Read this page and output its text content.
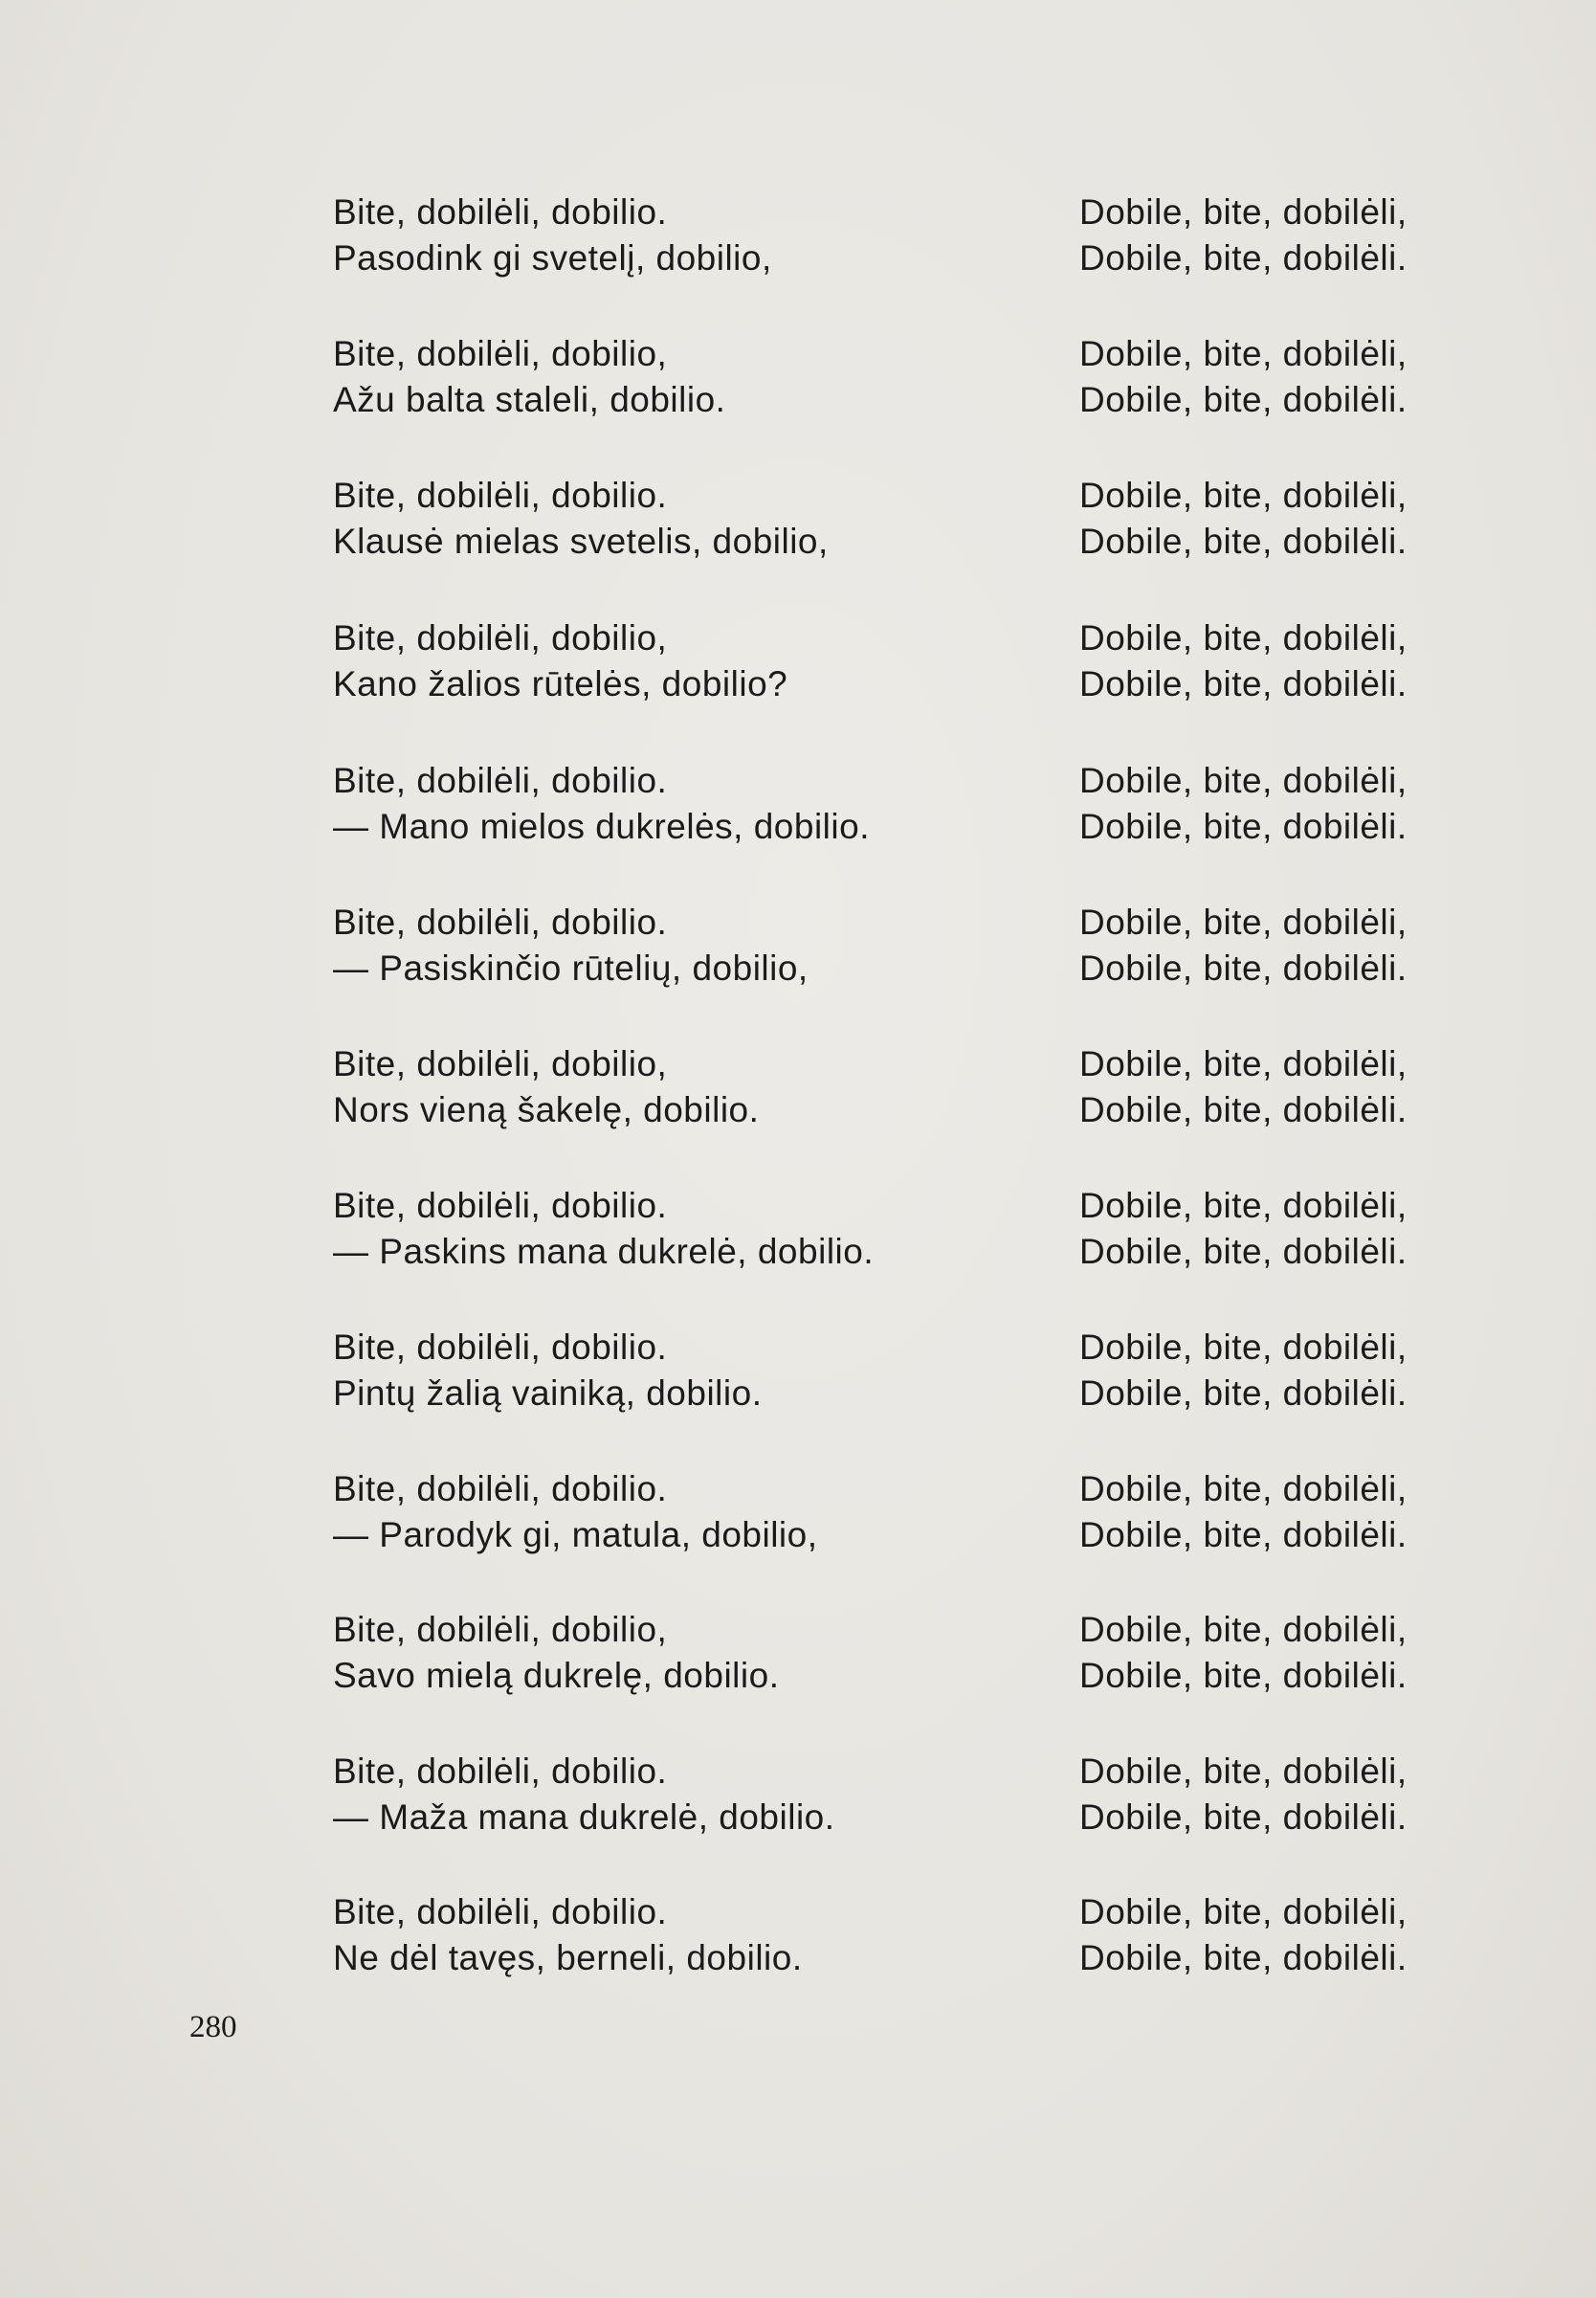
Bite, dobilėli, dobilio.
Pasodink gi svetelį, dobilio,
Dobile, bite, dobilėli,
Dobile, bite, dobilėli.
Bite, dobilėli, dobilio,
Ažu balta staleli, dobilio.
Dobile, bite, dobilėli,
Dobile, bite, dobilėli.
Bite, dobilėli, dobilio.
Klausė mielas svetelis, dobilio,
Dobile, bite, dobilėli,
Dobile, bite, dobilėli.
Bite, dobilėli, dobilio,
Kano žalios rūtelės, dobilio?
Dobile, bite, dobilėli,
Dobile, bite, dobilėli.
Bite, dobilėli, dobilio.
— Mano mielos dukrelės, dobilio.
Dobile, bite, dobilėli,
Dobile, bite, dobilėli.
Bite, dobilėli, dobilio.
— Pasiskinčio rūtelių, dobilio,
Dobile, bite, dobilėli,
Dobile, bite, dobilėli.
Bite, dobilėli, dobilio,
Nors vieną šakelę, dobilio.
Dobile, bite, dobilėli,
Dobile, bite, dobilėli.
Bite, dobilėli, dobilio.
— Paskins mana dukrelė, dobilio.
Dobile, bite, dobilėli,
Dobile, bite, dobilėli.
Bite, dobilėli, dobilio.
Pintų žalią vainiką, dobilio.
Dobile, bite, dobilėli,
Dobile, bite, dobilėli.
Bite, dobilėli, dobilio.
— Parodyk gi, matula, dobilio,
Dobile, bite, dobilėli,
Dobile, bite, dobilėli.
Bite, dobilėli, dobilio,
Savo mielą dukrelę, dobilio.
Dobile, bite, dobilėli,
Dobile, bite, dobilėli.
Bite, dobilėli, dobilio.
— Maža mana dukrelė, dobilio.
Dobile, bite, dobilėli,
Dobile, bite, dobilėli.
Bite, dobilėli, dobilio.
Ne dėl tavęs, berneli, dobilio.
Dobile, bite, dobilėli,
Dobile, bite, dobilėli.
280
